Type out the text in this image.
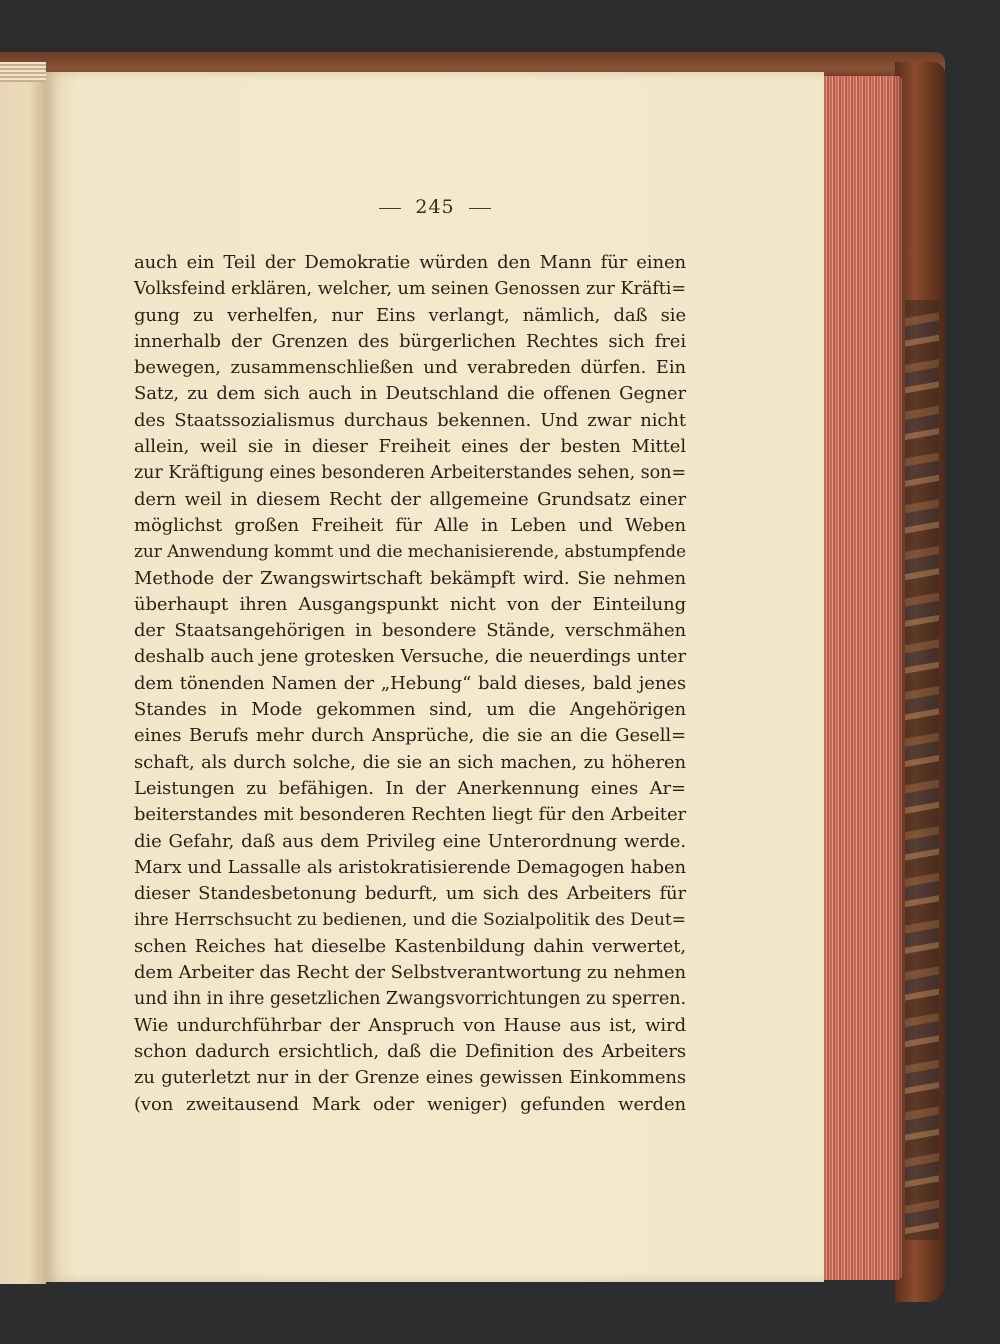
245
auch ein Teil der Demokratie würden den Mann für einen
Volksfeind erklären, welcher, um seinen Genossen zur Kräfti=
gung zu verhelfen, nur Eins verlangt, nämlich, daß sie
innerhalb der Grenzen des bürgerlichen Rechtes sich frei
bewegen, zusammenschließen und verabreden dürfen. Ein
Satz, zu dem sich auch in Deutschland die offenen Gegner
des Staatssozialismus durchaus bekennen. Und zwar nicht
allein, weil sie in dieser Freiheit eines der besten Mittel
zur Kräftigung eines besonderen Arbeiterstandes sehen, son=
dern weil in diesem Recht der allgemeine Grundsatz einer
möglichst großen Freiheit für Alle in Leben und Weben
zur Anwendung kommt und die mechanisierende, abstumpfende
Methode der Zwangswirtschaft bekämpft wird. Sie nehmen
überhaupt ihren Ausgangspunkt nicht von der Einteilung
der Staatsangehörigen in besondere Stände, verschmähen
deshalb auch jene grotesken Versuche, die neuerdings unter
dem tönenden Namen der „Hebung“ bald dieses, bald jenes
Standes in Mode gekommen sind, um die Angehörigen
eines Berufs mehr durch Ansprüche, die sie an die Gesell=
schaft, als durch solche, die sie an sich machen, zu höheren
Leistungen zu befähigen. In der Anerkennung eines Ar=
beiterstandes mit besonderen Rechten liegt für den Arbeiter
die Gefahr, daß aus dem Privileg eine Unterordnung werde.
Marx und Lassalle als aristokratisierende Demagogen haben
dieser Standesbetonung bedurft, um sich des Arbeiters für
ihre Herrschsucht zu bedienen, und die Sozialpolitik des Deut=
schen Reiches hat dieselbe Kastenbildung dahin verwertet,
dem Arbeiter das Recht der Selbstverantwortung zu nehmen
und ihn in ihre gesetzlichen Zwangsvorrichtungen zu sperren.
Wie undurchführbar der Anspruch von Hause aus ist, wird
schon dadurch ersichtlich, daß die Definition des Arbeiters
zu guterletzt nur in der Grenze eines gewissen Einkommens
(von zweitausend Mark oder weniger) gefunden werden
